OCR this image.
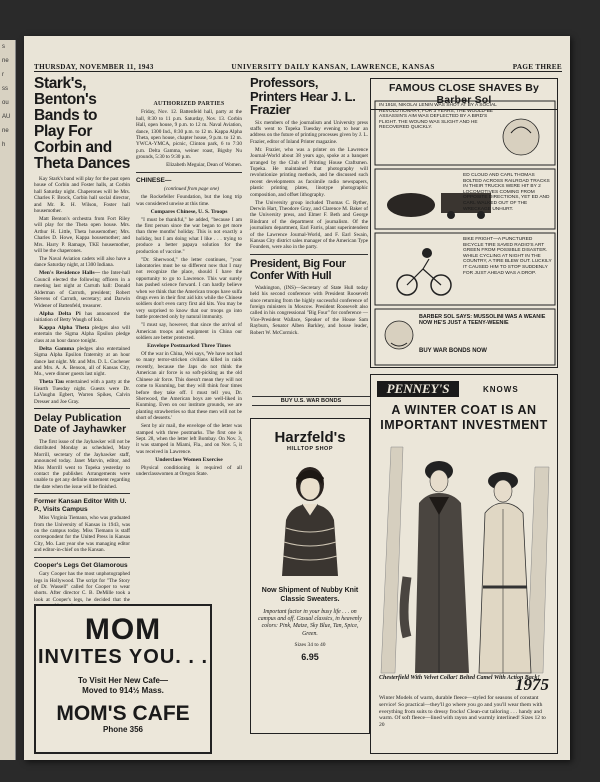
s
ne
r
ss
ou
AU
ne
h
THURSDAY, NOVEMBER 11, 1943	UNIVERSITY DAILY KANSAN, LAWRENCE, KANSAS	PAGE THREE
Stark's, Benton's Bands to Play For Corbin and Theta Dances

Kay Stark's band will play for the past open house of Corbin and Foster halls, at Corbin hall Saturday night. Chaperones will be Mrs. Charles F. Brock, Corbin hall social director, and Mr. R. H. Wilson, Foster hall housemother.

Matt Benton's orchestra from Fort Riley will play for the Theta open house. Mrs. Arthur H. Little, Theta housemother; Mrs. Charles D. Howe, Kappa housemother; and Mrs. Harry P. Ramage, TKE housemother, will be the chaperones.

The Naval Aviation cadets will also have a dance Saturday night, at 1300 Indiana.

Men's Residence Halls— the Inter-hall Council elected the following officers in a meeting last night at Carruth hall: Donald Alderman of Carruth, president; Robert Stevens of Carruth, secretary; and Darwin Widener of Battenfeld, treasurer.

Alpha Delta Pi has announced the initiation of Betty Waugh of Iola.

Kappa Alpha Theta pledges also will entertain the Sigma Alpha Epsilon pledge class at an hour dance tonight.

Delta Gamma pledges also entertained Sigma Alpha Epsilon fraternity at an hour dance last night. Mr. and Mrs. D. L. Cochener and Mrs. A. A. Benson, all of Kansas City, Mo., were dinner guests last night.

Theta Tau entertained with a party at the Hearth Tuesday night. Guests were Dr. LaVaughn Egbert, Warren Spikes, Calvin Dresser and Joe Gray.

Delay Publication Date of Jayhawker

The first issue of the Jayhawker will not be distributed Monday as scheduled, Mary Morrill, secretary of the Jayhawker staff, announced today. Janet Marvin, editor, and Miss Morrill went to Topeka yesterday to contact the publisher. Arrangements were unable to get any definite statement regarding the date when the issue will be finished.

Former Kansan Editor With U. P., Visits Campus

Miss Virginia Tiemann, who was graduated from the University of Kansas in 1943, was on the campus today. Miss Tiemann is staff correspondent for the United Press in Kansas City, Mo. Last year she was managing editor and editor-in-chief on the Kansan.

Cooper's Legs Get Glamorous

Gary Cooper has the most unphotographed legs in Hollywood. The script for "The Story of Dr. Wassell" called for Cooper to wear shorts. After director C. B. DeMille took a look at Cooper's legs, he decided that the

AUTHORIZED PARTIES

Friday, Nov. 12. Battenfeld hall, party at the hall, 8:30 to 11 p.m. Saturday, Nov. 13. Corbin Hall, open house, 9 p.m. to 12 m. Naval Aviation, dance, 1300 Ind., 8:30 p.m. to 12 m. Kappa Alpha Theta, open house, chapter house, 9 p.m. to 12 m. YWCA-YMCA, picnic, Clinton park, 6 to 7:30 p.m. Delta Gamma, weiner roast, Bigsby Nu grounds, 5:30 to 9:30 p.m.

Elizabeth Meguiar, Dean of Women.

CHINESE—

(continued from page one)

the Rockefeller Foundation, but the long trip was considered unwise at this time.

Compares Chinese, U. S. Troops

"I must be thankful," he added, "because I am the first person since the war began to get more than three months' holiday. This is not exactly a holiday, but I am doing what I like . . . trying to produce a better papaya solution for the production of vaccine."

"Dr. Sherwood," the letter continues, "your laboratories must be so different now that I may not recognize the place, should I have the opportunity to go to Lawrence. This war surely has pushed science forward. I can hardly believe when we think that the American troops have sulfa drugs even in their first aid kits while the Chinese soldiers don't even carry first aid kits. You may be very surprised to know that our troops go into battle protected only by natural immunity.

"I must say, however, that since the arrival of American troops and equipment in China our soldiers are better protected.

Envelope Postmarked Three Times

Of the war in China, Wei says, 'We have not had so many terror-stricken civilians killed in raids recently, because the Japs do not think the American air force is so soft-picking as the old Chinese air force. This doesn't mean they will not come to Kunming, but they will think four times before they take off. I must tell you, Dr. Sherwood, the American boys are well-liked in Kunming. Even on our institute grounds, we are planting strawberries so that these men will not be short of desserts.'

Sent by air mail, the envelope of the letter was stamped with three postmarks. The first one is Sept. 28, when the letter left Bombay. On Nov. 3, it was stamped in Miami, Fla., and on Nov. 5, it was received in Lawrence.

Underclass Women Exercise

Physical conditioning is required of all underclasswomen at Oregon State.

Professors, Printers Hear J. L. Frazier

Six members of the journalism and University press staffs went to Topeka Tuesday evening to hear an address on the future of printing processes given by J. L. Frazier, editor of Inland Printer magazine.

Mr. Frazier, who was a printer on the Lawrence Journal-World about 38 years ago, spoke at a banquet arranged by the Club of Printing House Craftsmen. Topeka. He maintained that photography will revolutionize printing methods, and he discussed such recent developments as facsimile radio newspapers, plastic printing plates, linotype photographic composition, and offset lithography.

The University group included Thomas C. Ryther, Derwin Hart, Theodore Gray, and Clarence M. Baker of the University press, and Elmer F. Beth and George Bindrant of the department of journalism. Of the journalism department, Earl Farris, plant superintendent of the Lawrence Journal-World, and F. Earl Swain, Kansas City district sales manager of the American Type Founders, were also in the party.

President, Big Four Confer With Hull

Washington, (INS)—Secretary of State Hull today held his second conference with President Roosevelt since returning from the highly successful conference of foreign ministers in Moscow. President Roosevelt also called in his congressional "Big Four" for conference —Vice-President Wallace, Speaker of the House Sam Rayburn, Senator Alben Barkley, and house leader, Robert W. McCormick.

BUY U.S. WAR BONDS
MOM
INVITES YOU. . .
To Visit Her New Cafe—
Moved to 914½ Mass.
MOM'S CAFE
Phone 356
Harzfeld's
HILLTOP SHOP
Now Shipment of Nubby Knit Classic Sweaters.
Important factor in your busy life . . . on campus and off. Casual classics, in heavenly colors: Pink, Maize, Sky Blue, Tan, Spice, Green.
Sizes 34 to 40
6.95
FAMOUS CLOSE SHAVES By Barber Sol
IN 1918, NIKOLAI LENIN WAS SHOT AT BY A SOCIAL REVOLUTIONARY, FOR 3 YEARS, THE WOULD-BE ASSASSIN'S AIM WAS DEFLECTED BY A BIRD'S FLIGHT. THE WOUND WAS SLIGHT AND HE RECOVERED QUICKLY.
ED CLOUD AND CARL THOMAS BOLTED ACROSS RAILROAD TRACKS IN THEIR TRUCKS WERE HIT BY 2 LOCOMOTIVES COMING FROM OPPOSITE DIRECTIONS, YET ED AND CARL WALKED OUT OF THE WRECKAGE UNHURT.
BIKE FRIGHT—A PUNCTURED BICYCLE TIRE SAVED RADIO'S ART GREEN FROM POSSIBLE DISASTER. WHILE CYCLING AT NIGHT IN THE COUNTRY, A TIRE BLEW OUT. LUCKILY IT CAUSED HIM TO STOP SUDDENLY FOR JUST AHEAD WAS A DROP.
BARBER SOL SAYS: MUSSOLINI WAS A WEANIE NOW HE'S JUST A TEENY-WEENIE
BUY WAR BONDS NOW
PENNEY'S	KNOWS
A WINTER COAT IS AN IMPORTANT INVESTMENT
Chesterfield With Velvet Collar! Belted Camel With Action Back!
1975
Winter Models of warm, durable fleece—styled for seasons of constant service! So practical—they'll go where you go and you'll wear them with everything from suits to dressy frocks! Clean-cut tailoring . . . handy and warm. Of soft fleece—lined with rayon and warmly interlined! Sizes 12 to 20
